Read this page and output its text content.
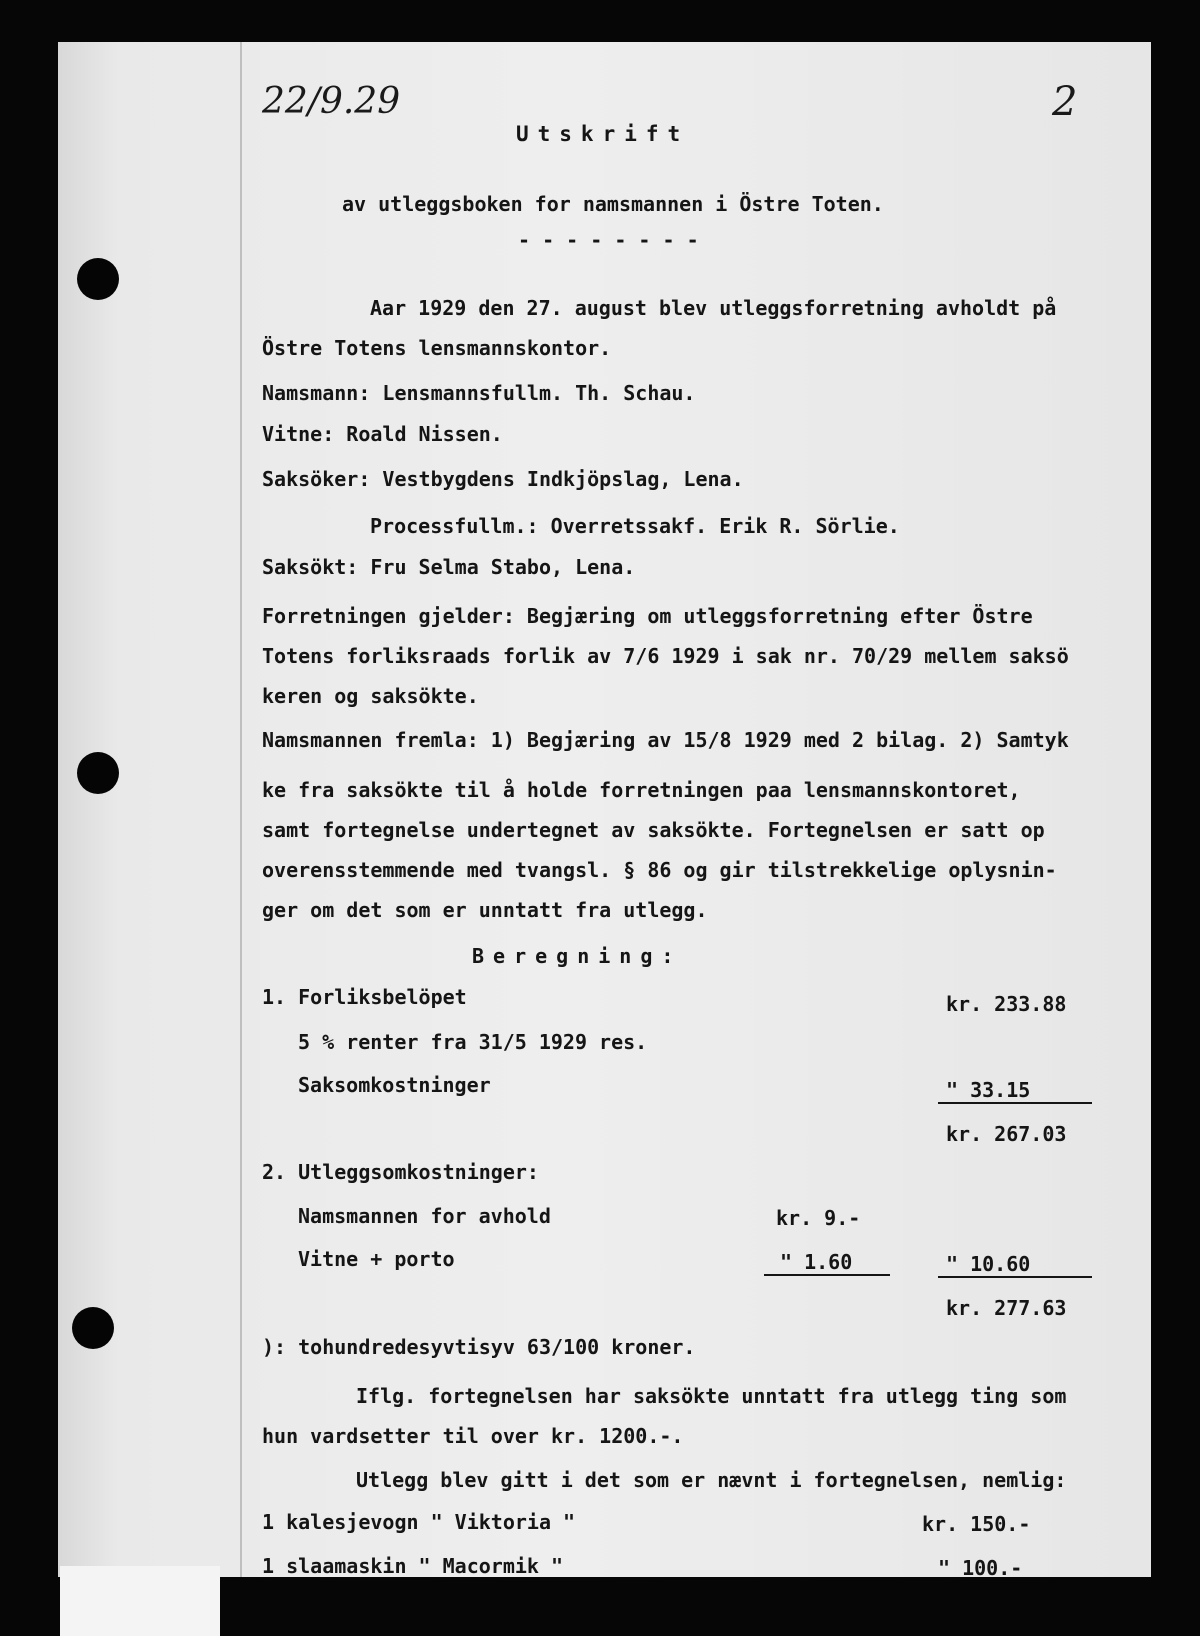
22/9.29	2
Utskrift
av utleggsboken for namsmannen i Östre Toten.
- - - - - - - -
Aar 1929 den 27. august blev utleggsforretning avholdt på
Östre Totens lensmannskontor.
Namsmann: Lensmannsfullm. Th. Schau.
Vitne: Roald Nissen.
Saksöker: Vestbygdens Indkjöpslag, Lena.
Processfullm.: Overretssakf. Erik R. Sörlie.
Saksökt: Fru Selma Stabo, Lena.
Forretningen gjelder: Begjæring om utleggsforretning efter Östre
Totens forliksraads forlik av 7/6 1929 i sak nr. 70/29 mellem saksö
keren og saksökte.
Namsmannen fremla: 1) Begjæring av 15/8 1929 med 2 bilag. 2) Samtyk
ke fra saksökte til å holde forretningen paa lensmannskontoret,
samt fortegnelse undertegnet av saksökte. Fortegnelsen er satt op
overensstemmende med tvangsl. § 86 og gir tilstrekkelige oplysnin-
ger om det som er unntatt fra utlegg.
Beregning:
1. Forliksbelöpet	kr. 233.88
5 % renter fra 31/5 1929 res.
Saksomkostninger	" 33.15
kr. 267.03
2. Utleggsomkostninger:
Namsmannen for avhold	kr. 9.-
Vitne + porto	" 1.60	" 10.60
kr. 277.63
): tohundredesyvtisyv 63/100 kroner.
Iflg. fortegnelsen har saksökte unntatt fra utlegg ting som
hun vardsetter til over kr. 1200.-.
Utlegg blev gitt i det som er nævnt i fortegnelsen, nemlig:
1 kalesjevogn " Viktoria "	kr. 150.-
1 slaamaskin " Macormik "	" 100.-
